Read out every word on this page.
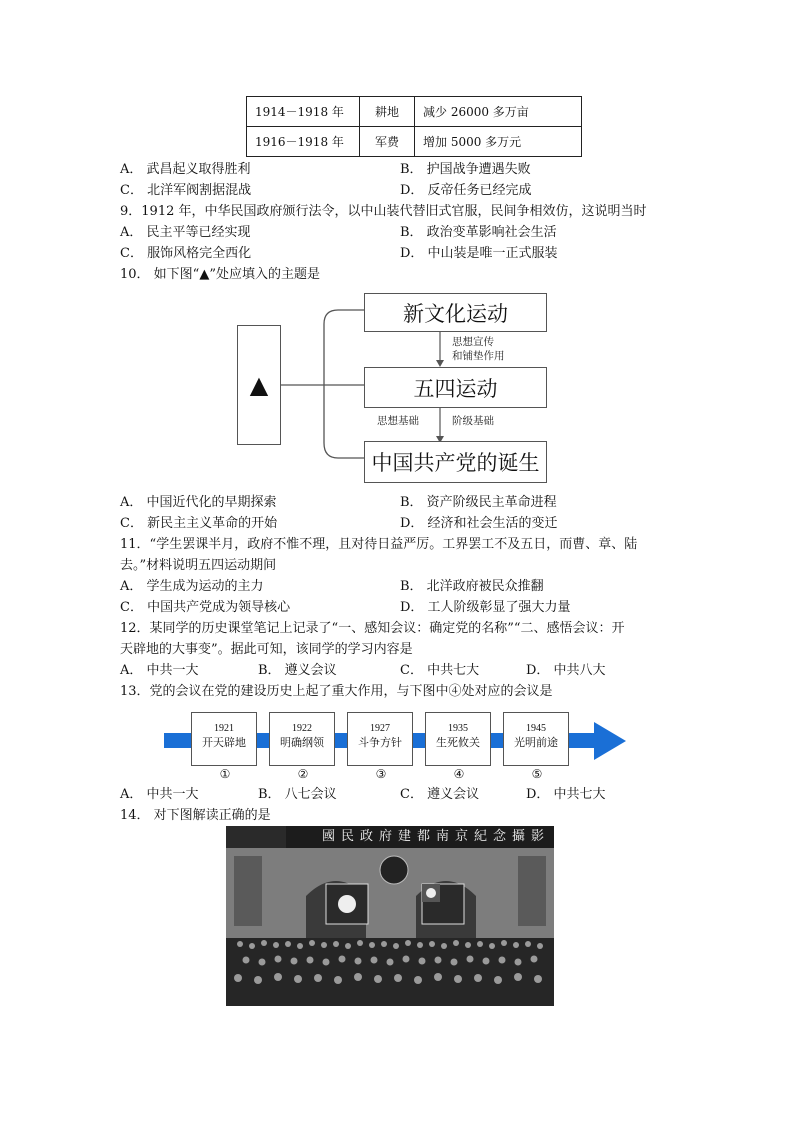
1914－1918 年	耕地	减少 26000 多万亩
1916－1918 年	军费	增加 5000 多万元
A． 武昌起义取得胜利	B． 护国战争遭遇失败
C． 北洋军阀割据混战	D． 反帝任务已经完成
9．1912 年，中华民国政府颁行法令，以中山装代替旧式官服，民间争相效仿，这说明当时
A． 民主平等已经实现	B． 政治变革影响社会生活
C． 服饰风格完全西化	D． 中山装是唯一正式服装
10． 如下图“▲”处应填入的主题是
▲
新文化运动
五四运动
中国共产党的诞生
思想宣传
和铺垫作用
思想基础	阶级基础
A． 中国近代化的早期探索	B． 资产阶级民主革命进程
C． 新民主主义革命的开始	D． 经济和社会生活的变迁
11．“学生罢课半月，政府不惟不理，且对待日益严厉。工界罢工不及五日，而曹、章、陆
去。”材料说明五四运动期间
A． 学生成为运动的主力	B． 北洋政府被民众推翻
C． 中国共产党成为领导核心	D． 工人阶级彰显了强大力量
12．某同学的历史课堂笔记上记录了“一、感知会议：确定党的名称”“二、感悟会议：开
天辟地的大事变”。据此可知，该同学的学习内容是
A． 中共一大	B． 遵义会议	C． 中共七大	D． 中共八大
13．党的会议在党的建设历史上起了重大作用，与下图中④处对应的会议是
1921
开天辟地
1922
明确纲领
1927
斗争方针
1935
生死攸关
1945
光明前途
①	②	③	④	⑤
A． 中共一大	B． 八七会议	C． 遵义会议	D． 中共七大
14． 对下图解读正确的是
國民政府建都南京紀念攝影
